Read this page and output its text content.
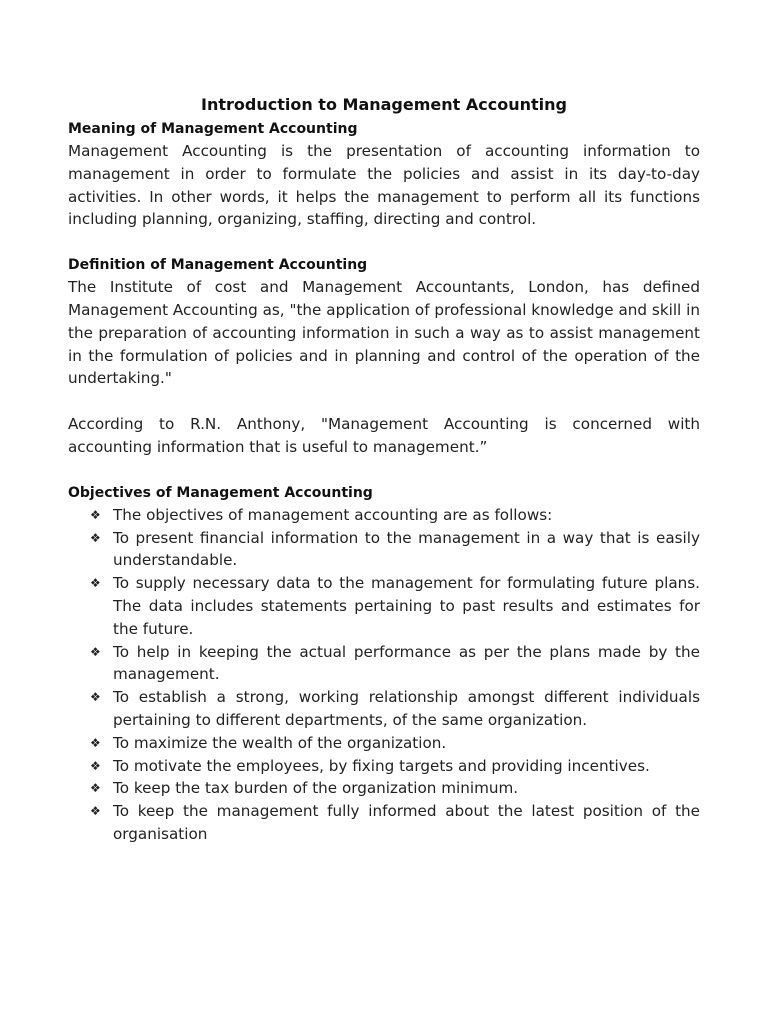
Introduction to Management Accounting
Meaning of Management Accounting

Management Accounting is the presentation of accounting information to management in order to formulate the policies and assist in its day-to-day activities. In other words, it helps the management to perform all its functions including planning, organizing, staffing, directing and control.

Definition of Management Accounting

The Institute of cost and Management Accountants, London, has defined Management Accounting as, "the application of professional knowledge and skill in the preparation of accounting information in such a way as to assist management in the formulation of policies and in planning and control of the operation of the undertaking."

According to R.N. Anthony, "Management Accounting is concerned with accounting information that is useful to management.”

Objectives of Management Accounting
❖ The objectives of management accounting are as follows:
❖ To present financial information to the management in a way that is easily understandable.
❖ To supply necessary data to the management for formulating future plans. The data includes statements pertaining to past results and estimates for the future.
❖ To help in keeping the actual performance as per the plans made by the management.
❖ To establish a strong, working relationship amongst different individuals pertaining to different departments, of the same organization.
❖ To maximize the wealth of the organization.
❖ To motivate the employees, by fixing targets and providing incentives.
❖ To keep the tax burden of the organization minimum.
❖ To keep the management fully informed about the latest position of the organisation
